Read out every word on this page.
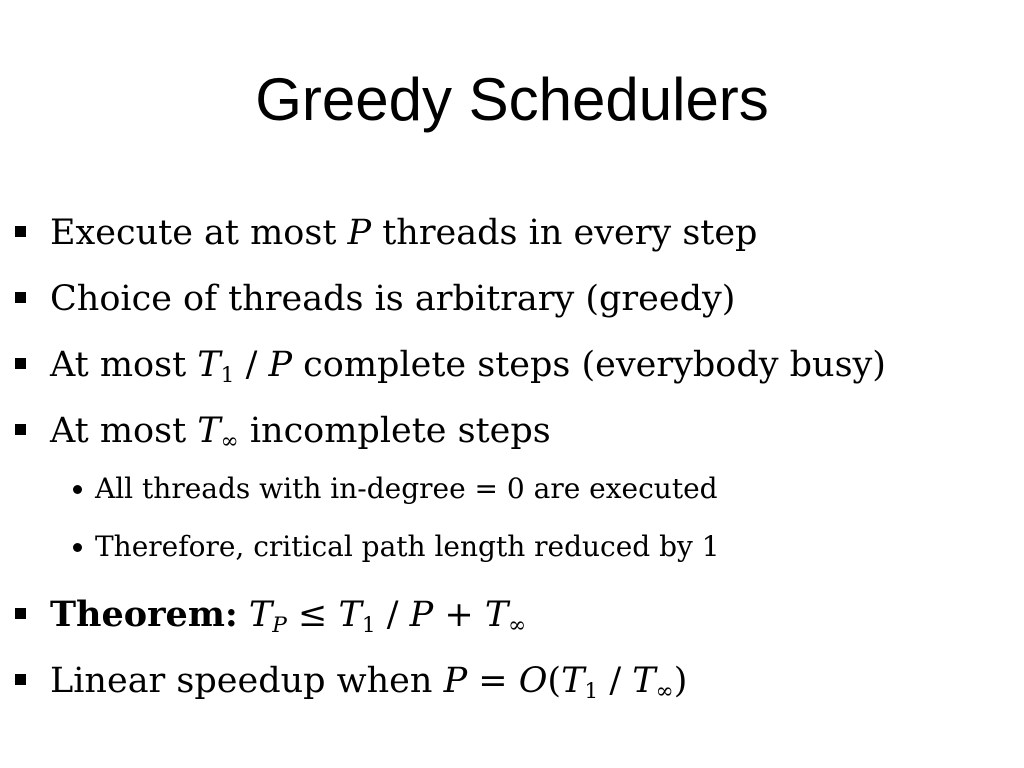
Greedy Schedulers
Execute at most P threads in every step
Choice of threads is arbitrary (greedy)
At most $T_1$ / P complete steps (everybody busy)
At most $T_\infty$ incomplete steps
All threads with in-degree = 0 are executed
Therefore, critical path length reduced by 1
Theorem: $T_P \le T_1 / P + T_\infty$
Linear speedup when $P = O(T_1 / T_\infty)$
